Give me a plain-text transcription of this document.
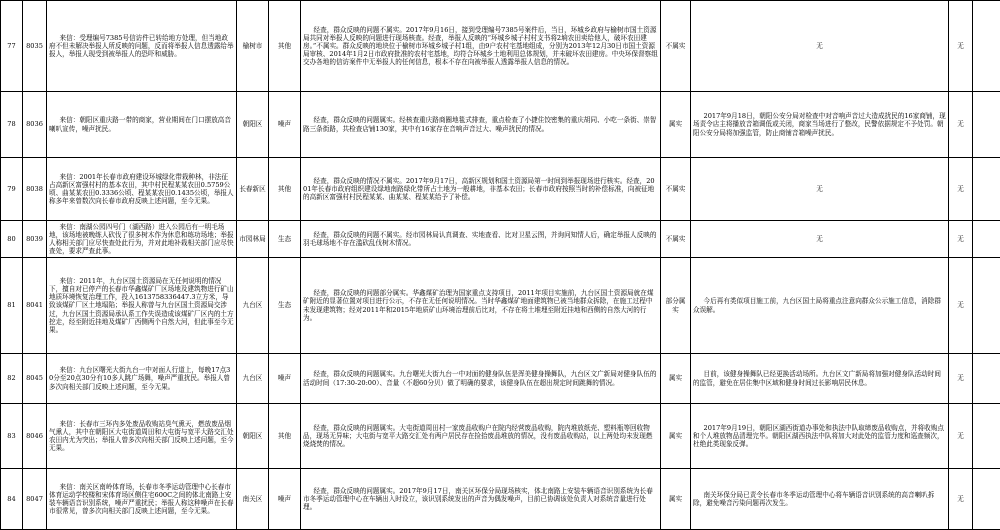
77	8035	来信：受理编号7385号信访件已转给地方处理，但当地政府不但未解决举报人所反映的问题，反而将举报人信息透露给举报人，举报人现受到被举报人的恐吓和威胁。	榆树市	其他	经查，群众反映的问题不属实。2017年9月16日，接到受理编号7385号案件后，当日，环城乡政府与榆树市国土资源局共同对举报人反映的问题进行现场核查。经查，举报人反映的“环城乡城子村村支书将2垧农田卖给他人，破坏农田建房。”不属实。群众反映的地块位于榆树市环城乡城子村1组，由9户农村宅基地组成，分别为2013年12月30日市国土资源局审核、2014年1月2日市政府批准的农村宅基地，均符合环城乡土地利用总体规划，并未破坏农田建房。中央环保督察组交办各地的信访案件中无举报人的任何信息，根本不存在向被举报人透露举报人信息的情况。	不属实	无	无	
78	8036	来信：朝阳区重庆路一带的商家，营业期间在门口摆放高音喇叭宣传，噪声扰民。	朝阳区	噪声	经查，群众反映的问题属实。经核查重庆路商圈地毯式排查，重点检查了小捷住饺密集的重庆胡同、小吃一条街、崇智路三条街路，共检查店铺130家，其中有16家存在音响声音过大、噪声扰民的情况。	属实	2017年9月18日，朝阳公安分局对检查中对音响声音过大造成扰民的16家商铺，现场责令店主将播放音箱调低或关闭，商家当场进行了整改，民警依据规定不予处罚。朝阳公安分局将加强监管，防止商铺音箱噪声扰民。	无	
79	8038	来信：2001年长春市政府建设环城绿化带栽种林，非法征占高新区富强村村的基本农田，其中村民程某某农田0.5759公顷、曲某某农田0.3336公顷、程某某农田0.1435公顷，举报人称多年来曾数次向长春市政府反映上述问题，至今无果。	长春新区	其他	经查，群众反映的情况不属实。2017年9月17日，高新区规划和国土资源局第一时间到举报现场进行核实。经查，2001年长春市政府组织建设绿地南路绿化带所占土地为一般耕地，非基本农田；长春市政府按照当时的补偿标准，向被征地的高新区富强村村民程某某、曲某某、程某某给予了补偿。	不属实	无	无	
80	8039	来信：南湖公园四号门（湖西路）进入公园后有一明毛场地，该场地被晚练人砍伐了很多树木作为休息和练功场地；举报人称相关部门应尽快查处此行为，并对此地补栽相关部门应尽快查处，要求严查此事。	市园林局	生态	经查，群众反映的问题不属实。经市园林局认真调查、实地查看、比对卫星云图，并询问知情人后，确定举报人反映的羽毛球场地不存在滥砍乱伐树木情况。	不属实	无	无	
81	8041	来信：2011年，九台区国土资源局在无任何说明的情况下，擅自对已停产的长春市华鑫煤矿厂区场地及建筑物进行矿山地质环境恢复治理工作，投入1613758336447.3立方米，导致该煤矿厂区土地塌陷；举报人称曾与九台区国土资源局交涉过，九台区国土资源局承认系工作失误造成该煤矿厂区内的土方挖走，经至附近挂地及煤矿厂西侧两个自然大河，但此事至今无果。	九台区	生态	经查，群众反映的问题部分属实。华鑫煤矿治理为国家重点支持项目，2011年项目实施前，九台区国土资源局就在煤矿附近的显著位置对项目进行公示，不存在无任何说明情况。当时华鑫煤矿地面建筑物已被当地群众拆除，在施工过程中未发现建筑物；经对2011年和2015年地质矿山环境治理前后比对，不存在将土堆埋至附近挂地和西侧的自然大河的行为。	部分属实	今后再有类似项目施工前，九台区国土局将重点注意向群众公示施工信息，消除群众误解。	无	
82	8045	来信：九台区曙光大街九台一中对面人行道上，每晚17点30分至20点30分有10多人跳广场舞，噪声严重扰民。举报人曾多次向相关部门反映上述问题，至今无果。	九台区	噪声	经查，群众反映的问题属实。九台曙光大街九台一中对面的健身队伍是浑美健身操舞队，九台区文广新局对健身队伍的活动时间（17:30-20:00）、音量（不超60分贝）做了明确的要求，该健身队伍在超出规定时间跳舞的情况。	属实	目前，该健身操舞队已经更换活动场所。九台区文广新局将加强对健身队活动时间的监管，避免在居住集中区域和健身时间过长影响居民休息。	无	
83	8046	来信：长春市三环内多处废品收购站臭气熏天，燃放废品烟气熏人，其中在朝阳区大屯街道周田和大屯街与宽平大路交汇处农田内尤为突出；举报人曾多次向相关部门反映上述问题，至今无果。	朝阳区	其他	经查，群众反映的问题属实。大屯街道周田村一家废品收购户在院内经营废品收购，院内堆放纸壳、塑料瓶等回收物品，现场无异味；大屯街与宽平大路交汇处有两户居民存在捡拾废品堆放的情况，没有废品收购站，以上两处均未发现燃烧烧焚的情况。	属实	2017年9月19日，朝阳区湖西街道办事处和执法中队取缔废品收购点，并将收购点和个人堆放物品清理完毕。朝阳区湖西执法中队将加大对此处的监管力度和巡查频次，杜绝此类现象反弹。	无	
84	8047	来信：南关区南岭体育场，长春市冬季运动管理中心长春市体育运动学校楼和宋体育场区侧住宅600C之间的体北南路上安装车辆语音识别系统，噪声严重扰民；举报人称这种噪声在长春市很常见，曾多次向相关部门反映上述问题，至今无果。	南关区	噪声	经查，群众反映的问题属实。2017年9月17日，南关区环保分局现场核实，体北南路上安装车辆语音识别系统为长春市冬季运动管理中心在车辆出入时设立，该识别系统发出的声音为偶发噪声，目前已协调该处负责人对系统音量进行处理。	属实	南关环保分局已责令长春市冬季运动管理中心将车辆语音识别系统的高音喇叭拆除，避免噪音污染问题再次发生。	无	
